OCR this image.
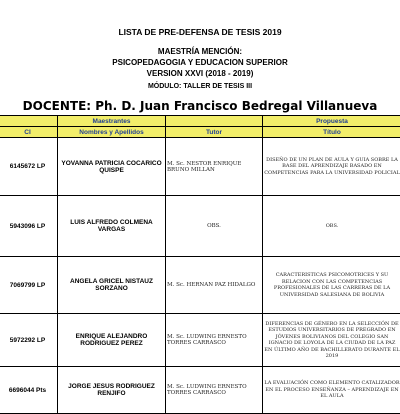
LISTA DE PRE-DEFENSA DE TESIS 2019
MAESTRÍA MENCIÓN:
PSICOPEDAGOGIA Y EDUCACION SUPERIOR
VERSION XXVI (2018 - 2019)
MÓDULO: TALLER DE TESIS III
DOCENTE: Ph. D. Juan Francisco Bedregal Villanueva
	Maestrantes		Propuesta	
CI	Nombres y Apellidos	Tutor	Título	
6145672 LP	YOVANNA PATRICIA COCARICO QUISPE	M. Sc. NESTOR ENRIQUE BRUNO MILLAN	DISEÑO DE UN PLAN DE AULA Y GUIA SOBRE LA BASE DEL APRENDIZAJE BASADO EN COMPETENCIAS PARA LA UNIVERSIDAD POLICIAL	
5943096 LP	LUIS ALFREDO COLMENA VARGAS	OBS.	OBS.	
7069799 LP	ANGELA GRICEL NISTAUZ SORZANO	M. Sc. HERNAN PAZ HIDALGO	CARACTERISTICAS PSICOMOTRICES Y SU RELACION CON LAS COMPETENCIAS PROFESIONALES DE LAS CARRERAS DE LA UNIVERSIDAD SALESIANA DE BOLIVIA	
5972292 LP	ENRIQUE ALEJANDRO RODRIGUEZ PEREZ	M. Sc. LUDWING ERNESTO TORRES CARRASCO	DIFERENCIAS DE GÉNERO EN LA SELECCIÓN DE ESTUDIOS UNIVERSITARIOS DE PREGRADO EN JÓVENES BOLIVIANOS DEL COLEGIO SAN IGNACIO DE LOYOLA DE LA CIUDAD DE LA PAZ EN ÚLTIMO AÑO DE BACHILLERATO DURANTE EL 2019	
6696044 Pts	JORGE JESUS RODRIGUEZ RENJIFO	M. Sc. LUDWING ERNESTO TORRES CARRASCO	LA EVALUACIÓN COMO ELEMENTO CATALIZADOR EN EL PROCESO ENSEÑANZA – APRENDIZAJE EN EL AULA	
